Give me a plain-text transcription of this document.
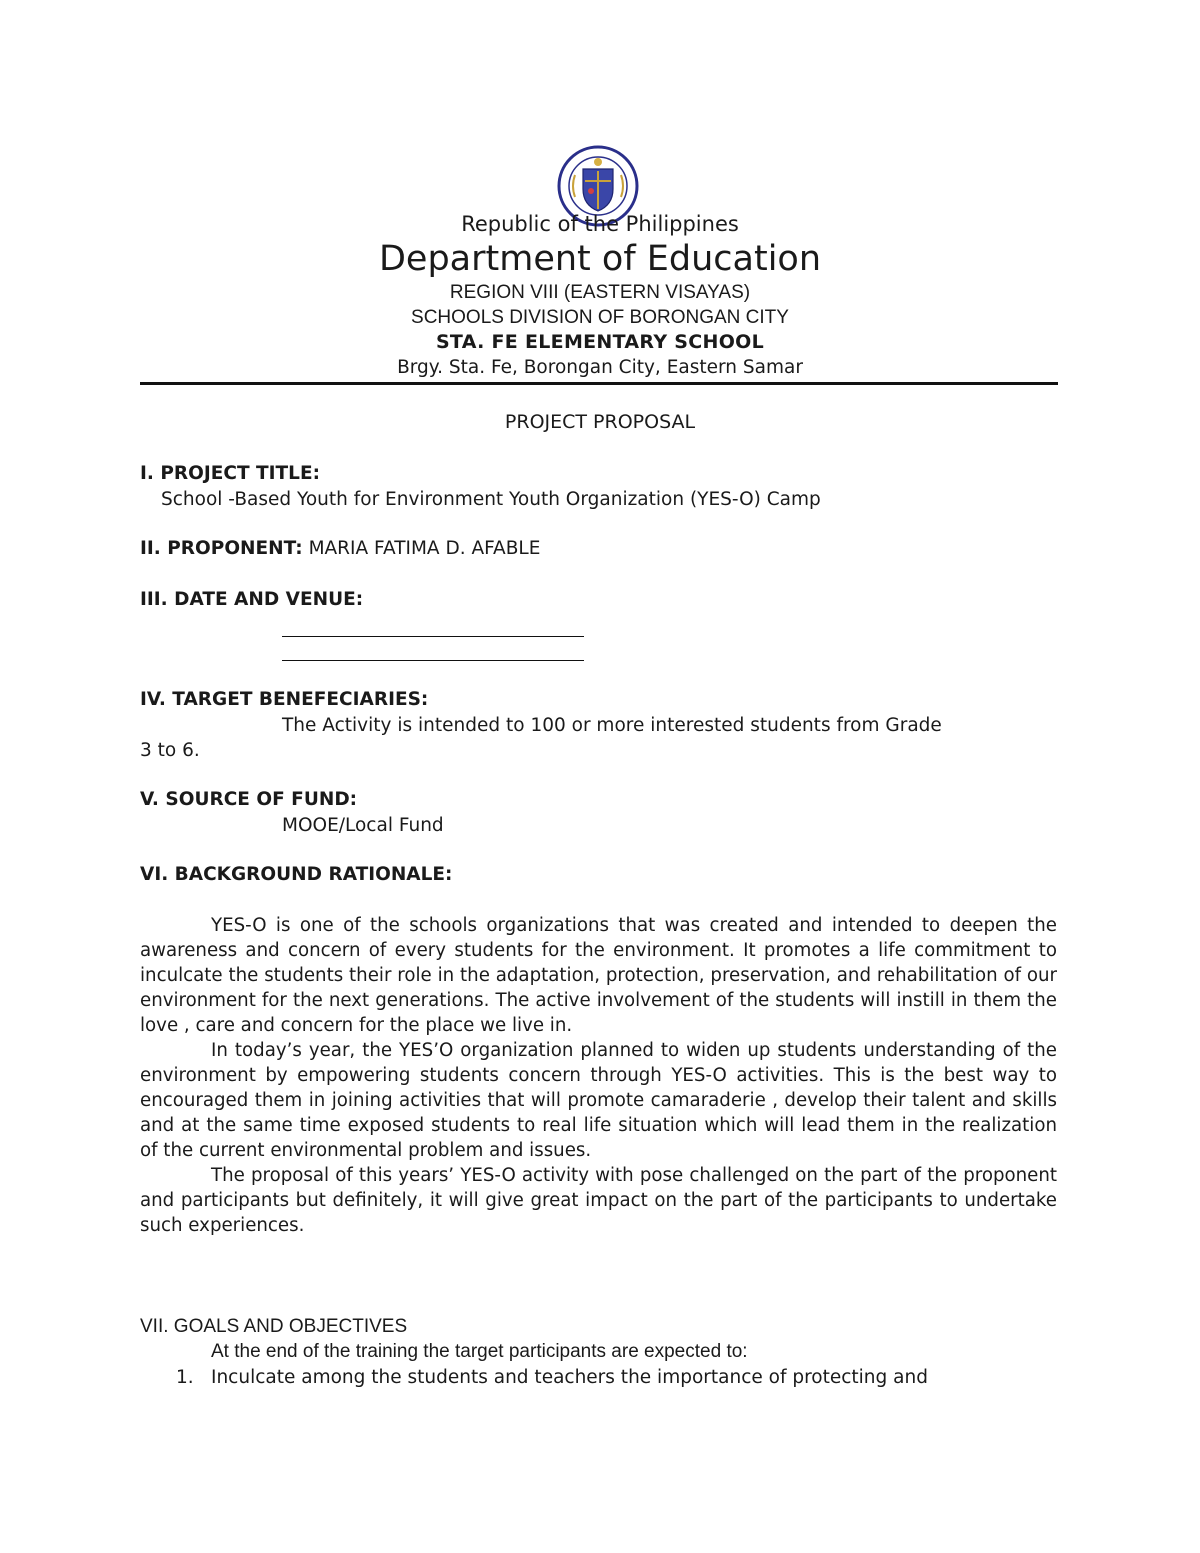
Republic of the Philippines
Department of Education
REGION VIII (EASTERN VISAYAS)
SCHOOLS DIVISION OF BORONGAN CITY
STA. FE ELEMENTARY SCHOOL
Brgy. Sta. Fe, Borongan City, Eastern Samar
PROJECT PROPOSAL
I. PROJECT TITLE:
School -Based Youth for Environment Youth Organization (YES-O) Camp
II. PROPONENT: MARIA FATIMA D. AFABLE
III. DATE AND VENUE:
IV. TARGET BENEFECIARIES:
The Activity is intended to 100 or more interested students from Grade
3 to 6.
V. SOURCE OF FUND:
MOOE/Local Fund
VI. BACKGROUND RATIONALE:

YES-O is one of the schools organizations that was created and intended to deepen the awareness and concern of every students for the environment. It promotes a life commitment to inculcate the students their role in the adaptation, protection, preservation, and rehabilitation of our environment for the next generations. The active involvement of the students will instill in them the love , care and concern for the place we live in.

In today’s year, the YES’O organization planned to widen up students understanding of the environment by empowering students concern through YES-O activities. This is the best way to encouraged them in joining activities that will promote camaraderie , develop their talent and skills and at the same time exposed students to real life situation which will lead them in the realization of the current environmental problem and issues.

The proposal of this years’ YES-O activity with pose challenged on the part of the proponent and participants but definitely, it will give great impact on the part of the participants to undertake such experiences.

VII. GOALS AND OBJECTIVES
At the end of the training the target participants are expected to:
1. Inculcate among the students and teachers the importance of protecting and
